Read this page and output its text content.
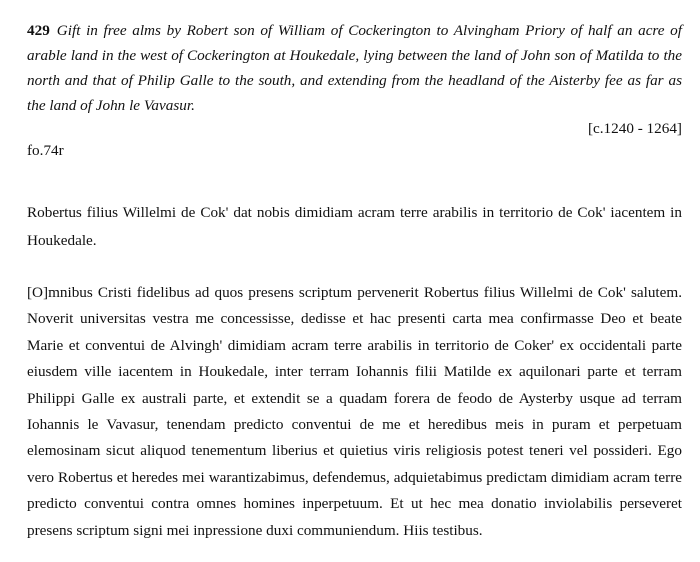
429 Gift in free alms by Robert son of William of Cockerington to Alvingham Priory of half an acre of arable land in the west of Cockerington at Houkedale, lying between the land of John son of Matilda to the north and that of Philip Galle to the south, and extending from the headland of the Aisterby fee as far as the land of John le Vavasur.

[c.1240 - 1264]

fo.74r

Robertus filius Willelmi de Cok' dat nobis dimidiam acram terre arabilis in territorio de Cok' iacentem in Houkedale.

[O]mnibus Cristi fidelibus ad quos presens scriptum pervenerit Robertus filius Willelmi de Cok' salutem. Noverit universitas vestra me concessisse, dedisse et hac presenti carta mea confirmasse Deo et beate Marie et conventui de Alvingh' dimidiam acram terre arabilis in territorio de Coker' ex occidentali parte eiusdem ville iacentem in Houkedale, inter terram Iohannis filii Matilde ex aquilonari parte et terram Philippi Galle ex australi parte, et extendit se a quadam forera de feodo de Aysterby usque ad terram Iohannis le Vavasur, tenendam predicto conventui de me et heredibus meis in puram et perpetuam elemosinam sicut aliquod tenementum liberius et quietius viris religiosis potest teneri vel possideri. Ego vero Robertus et heredes mei warantizabimus, defendemus, adquietabimus predictam dimidiam acram terre predicto conventui contra omnes homines inperpetuum. Et ut hec mea donatio inviolabilis perseveret presens scriptum signi mei inpressione duxi communiendum. Hiis testibus.
